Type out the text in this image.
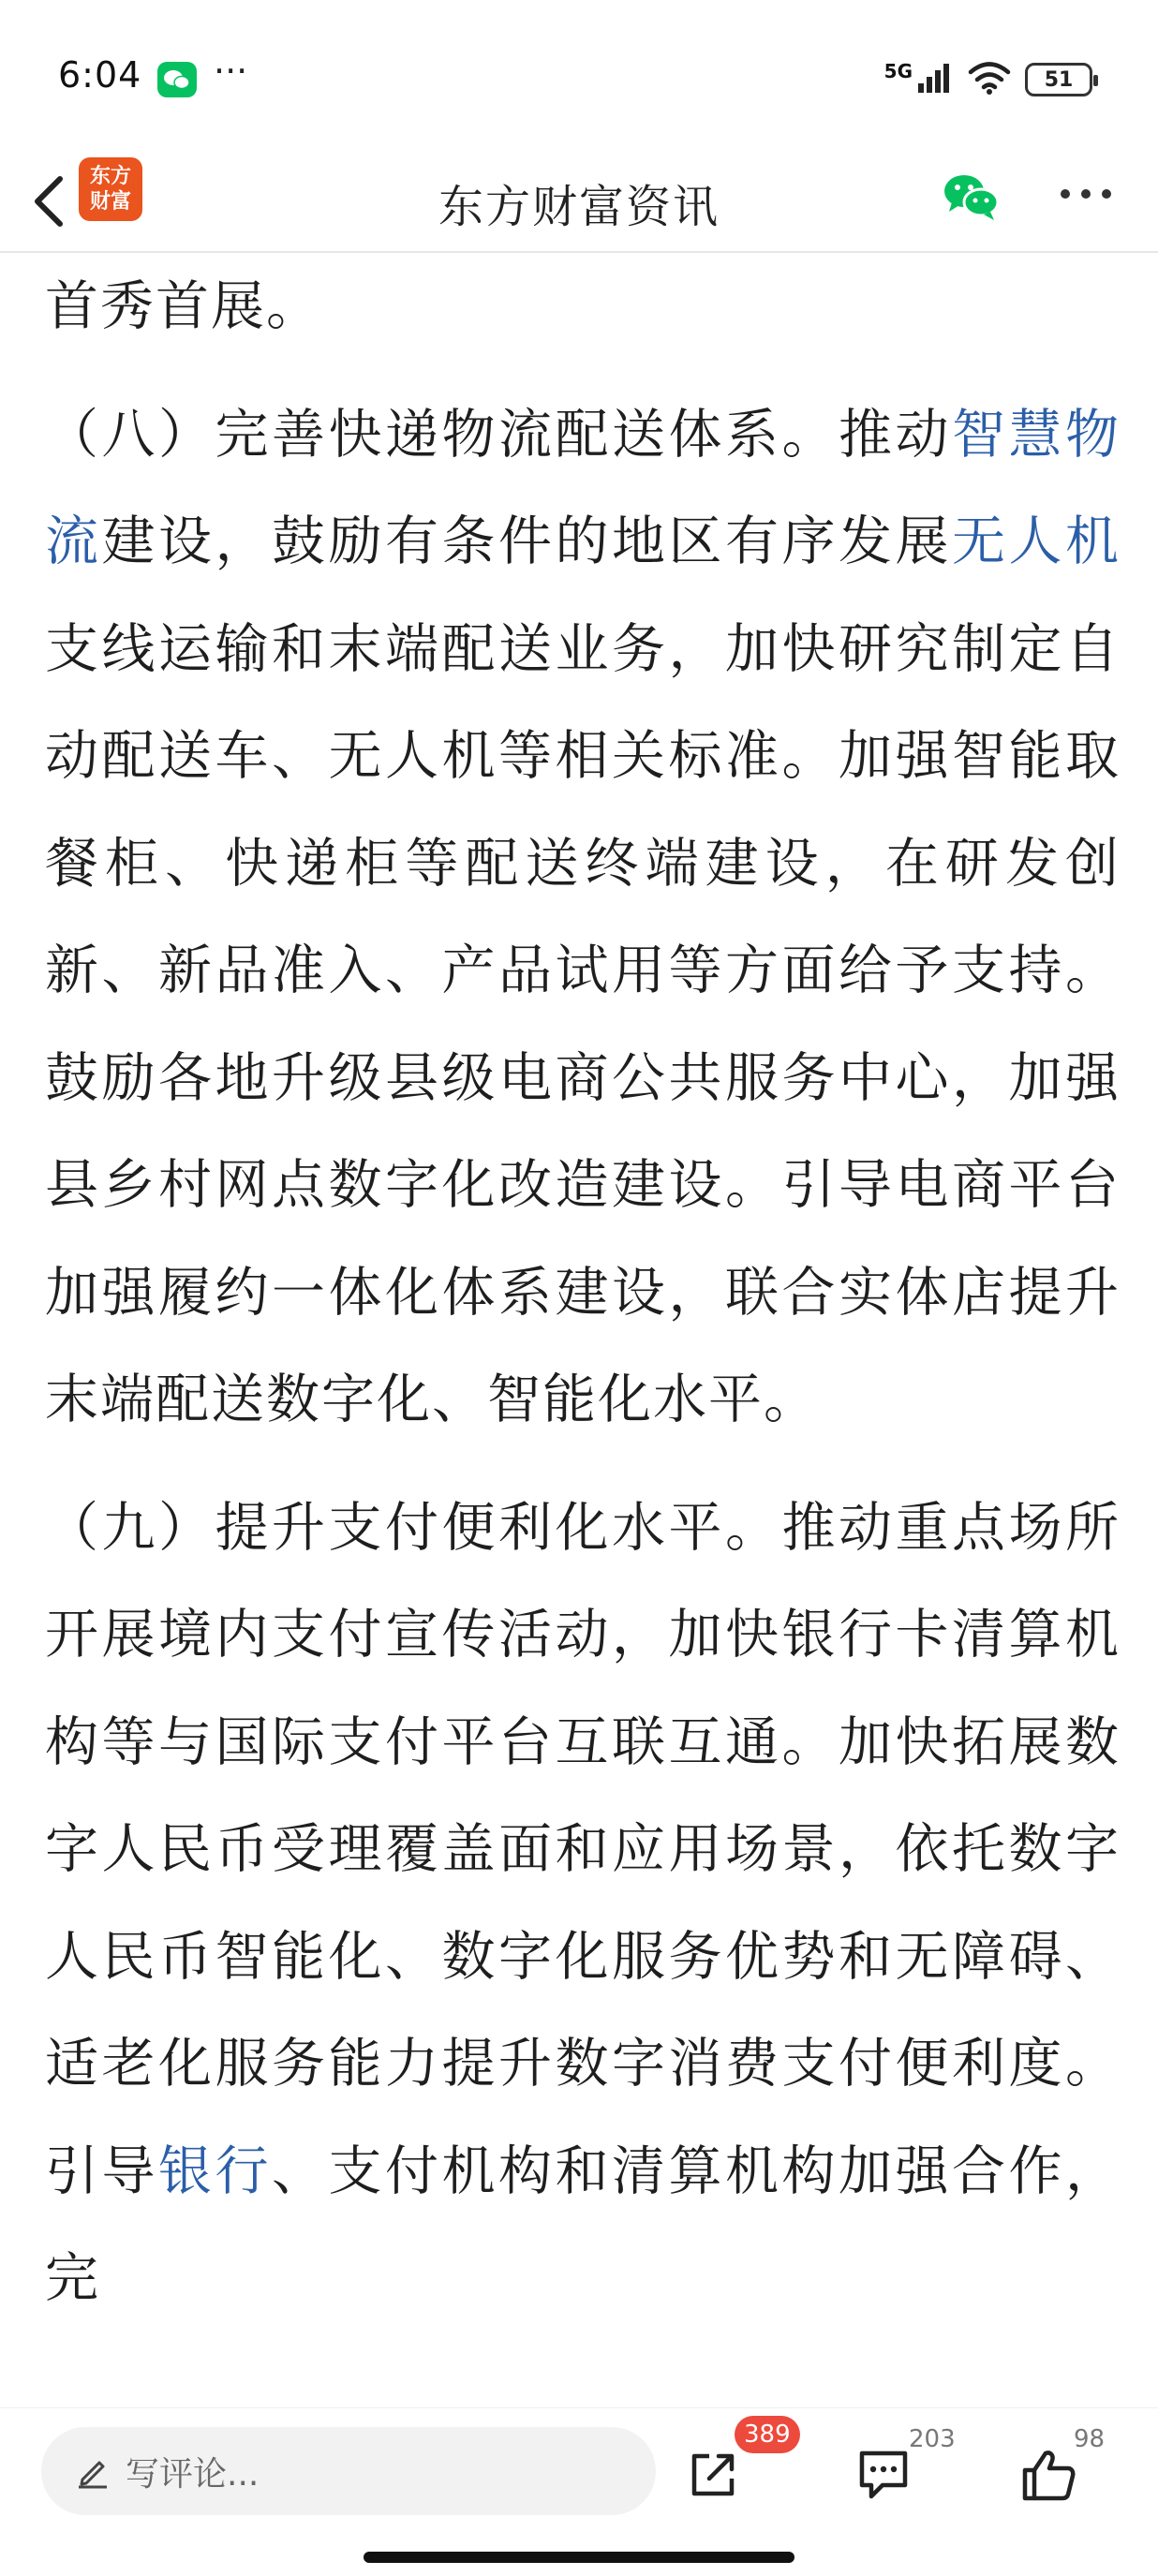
6:04 ···	5G	51
东方
财富	东方财富资讯

首秀首展。

（八）完善快递物流配送体系。推动智慧物流建设，鼓励有条件的地区有序发展无人机支线运输和末端配送业务，加快研究制定自动配送车、无人机等相关标准。加强智能取餐柜、快递柜等配送终端建设，在研发创新、新品准入、产品试用等方面给予支持。鼓励各地升级县级电商公共服务中心，加强县乡村网点数字化改造建设。引导电商平台加强履约一体化体系建设，联合实体店提升末端配送数字化、智能化水平。

（九）提升支付便利化水平。推动重点场所开展境内支付宣传活动，加快银行卡清算机构等与国际支付平台互联互通。加快拓展数字人民币受理覆盖面和应用场景，依托数字人民币智能化、数字化服务优势和无障碍、适老化服务能力提升数字消费支付便利度。引导银行、支付机构和清算机构加强合作，完

写评论...
389	203	98
